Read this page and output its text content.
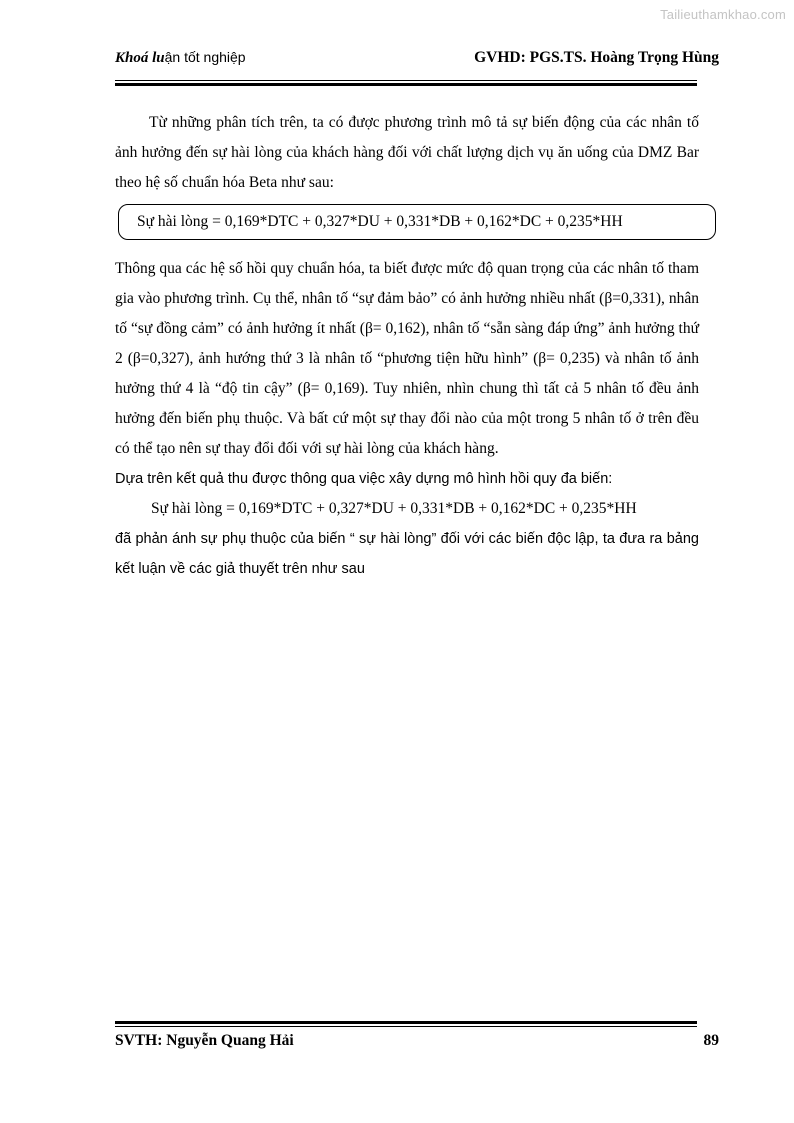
Tailieuthamkhao.com
Khoá luận tốt nghiệp	GVHD: PGS.TS. Hoàng Trọng Hùng

Từ những phân tích trên, ta có được phương trình mô tả sự biến động của các nhân tố ảnh hưởng đến sự hài lòng của khách hàng đối với chất lượng dịch vụ ăn uống của DMZ Bar theo hệ số chuẩn hóa Beta như sau:

Sự hài lòng = 0,169*DTC + 0,327*DU + 0,331*DB + 0,162*DC + 0,235*HH

Thông qua các hệ số hồi quy chuẩn hóa, ta biết được mức độ quan trọng của các nhân tố tham gia vào phương trình. Cụ thể, nhân tố “sự đảm bảo” có ảnh hưởng nhiều nhất (β=0,331), nhân tố “sự đồng cảm” có ảnh hưởng ít nhất (β= 0,162), nhân tố “sẵn sàng đáp ứng” ảnh hưởng thứ 2 (β=0,327), ảnh hướng thứ 3 là nhân tố “phương tiện hữu hình” (β= 0,235) và nhân tố ảnh hưởng thứ 4 là “độ tin cậy” (β= 0,169). Tuy nhiên, nhìn chung thì tất cả 5 nhân tố đều ảnh hưởng đến biến phụ thuộc. Và bất cứ một sự thay đổi nào của một trong 5 nhân tố ở trên đều có thể tạo nên sự thay đổi đối với sự hài lòng của khách hàng.

Dựa trên kết quả thu được thông qua việc xây dựng mô hình hồi quy đa biến:

Sự hài lòng = 0,169*DTC + 0,327*DU + 0,331*DB + 0,162*DC + 0,235*HH

đã phản ánh sự phụ thuộc của biến “ sự hài lòng” đối với các biến độc lập, ta đưa ra bảng kết luận về các giả thuyết trên như sau

SVTH: Nguyễn Quang Hải	89
